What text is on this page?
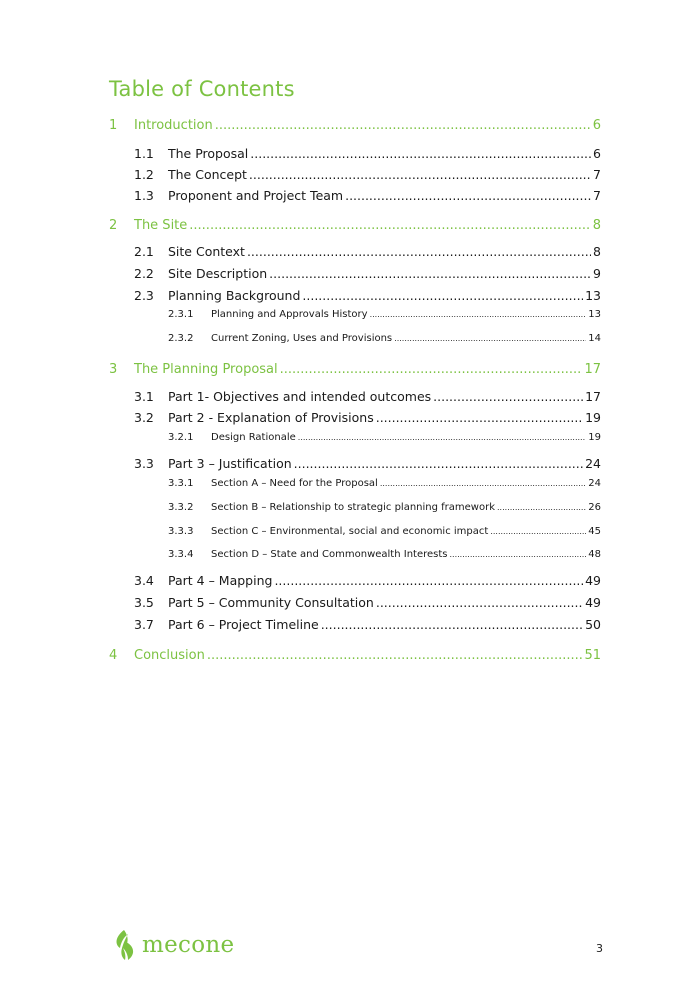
Table of Contents
1	Introduction .....	6
1.1	The Proposal .....	6
1.2	The Concept .....	7
1.3	Proponent and Project Team .....	7
2	The Site .....	8
2.1	Site Context .....	8
2.2	Site Description .....	9
2.3	Planning Background .....	13
2.3.1	Planning and Approvals History .....	13
2.3.2	Current Zoning, Uses and Provisions .....	14
3	The Planning Proposal .....	17
3.1	Part 1- Objectives and intended outcomes .....	17
3.2	Part 2 - Explanation of Provisions .....	19
3.2.1	Design Rationale .....	19
3.3	Part 3 – Justification .....	24
3.3.1	Section A – Need for the Proposal .....	24
3.3.2	Section B – Relationship to strategic planning framework .....	26
3.3.3	Section C – Environmental, social and economic impact .....	45
3.3.4	Section D – State and Commonwealth Interests .....	48
3.4	Part 4 – Mapping .....	49
3.5	Part 5 – Community Consultation .....	49
3.7	Part 6 – Project Timeline .....	50
4	Conclusion .....	51
mecone	3
